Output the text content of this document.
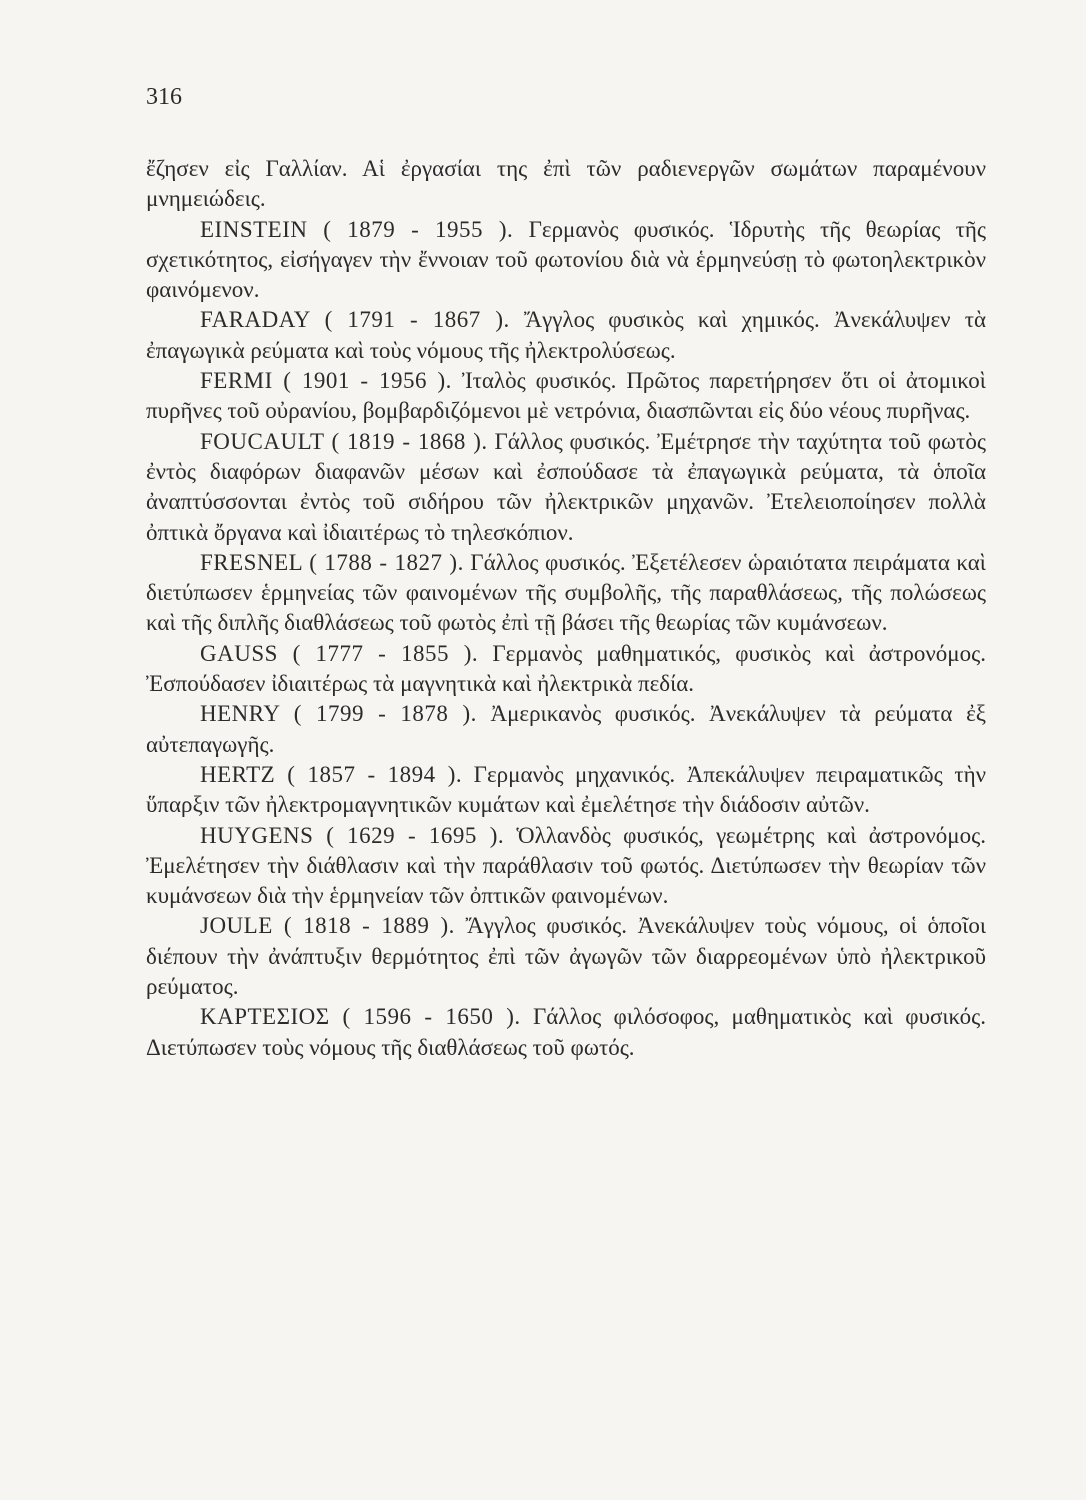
316

ἔζησεν εἰς Γαλλίαν. Αἱ ἐργασίαι της ἐπὶ τῶν ραδιενεργῶν σωμάτων παραμένουν μνημειώδεις.

EINSTEIN ( 1879 - 1955 ). Γερμανὸς φυσικός. Ἱδρυτὴς τῆς θεωρίας τῆς σχετικότητος, εἰσήγαγεν τὴν ἔννοιαν τοῦ φωτονίου διὰ νὰ ἑρμηνεύσῃ τὸ φωτοηλεκτρικὸν φαινόμενον.

FARADAY ( 1791 - 1867 ). Ἄγγλος φυσικὸς καὶ χημικός. Ἀνεκάλυψεν τὰ ἐπαγωγικὰ ρεύματα καὶ τοὺς νόμους τῆς ἠλεκτρολύσεως.

FERMI ( 1901 - 1956 ). Ἰταλὸς φυσικός. Πρῶτος παρετήρησεν ὅτι οἱ ἀτομικοὶ πυρῆνες τοῦ οὐρανίου, βομβαρδιζόμενοι μὲ νετρόνια, διασπῶνται εἰς δύο νέους πυρῆνας.

FOUCAULT ( 1819 - 1868 ). Γάλλος φυσικός. Ἐμέτρησε τὴν ταχύτητα τοῦ φωτὸς ἐντὸς διαφόρων διαφανῶν μέσων καὶ ἐσπούδασε τὰ ἐπαγωγικὰ ρεύματα, τὰ ὁποῖα ἀναπτύσσονται ἐντὸς τοῦ σιδήρου τῶν ἠλεκτρικῶν μηχανῶν. Ἐτελειοποίησεν πολλὰ ὀπτικὰ ὄργανα καὶ ἰδιαιτέρως τὸ τηλεσκόπιον.

FRESNEL ( 1788 - 1827 ). Γάλλος φυσικός. Ἐξετέλεσεν ὡραιότατα πειράματα καὶ διετύπωσεν ἑρμηνείας τῶν φαινομένων τῆς συμβολῆς, τῆς παραθλάσεως, τῆς πολώσεως καὶ τῆς διπλῆς διαθλάσεως τοῦ φωτὸς ἐπὶ τῇ βάσει τῆς θεωρίας τῶν κυμάνσεων.

GAUSS ( 1777 - 1855 ). Γερμανὸς μαθηματικός, φυσικὸς καὶ ἀστρονόμος. Ἐσπούδασεν ἰδιαιτέρως τὰ μαγνητικὰ καὶ ἠλεκτρικὰ πεδία.

HENRY ( 1799 - 1878 ). Ἀμερικανὸς φυσικός. Ἀνεκάλυψεν τὰ ρεύματα ἐξ αὐτεπαγωγῆς.

HERTZ ( 1857 - 1894 ). Γερμανὸς μηχανικός. Ἀπεκάλυψεν πειραματικῶς τὴν ὕπαρξιν τῶν ἠλεκτρομαγνητικῶν κυμάτων καὶ ἐμελέτησε τὴν διάδοσιν αὐτῶν.

HUYGENS ( 1629 - 1695 ). Ὁλλανδὸς φυσικός, γεωμέτρης καὶ ἀστρονόμος. Ἐμελέτησεν τὴν διάθλασιν καὶ τὴν παράθλασιν τοῦ φωτός. Διετύπωσεν τὴν θεωρίαν τῶν κυμάνσεων διὰ τὴν ἑρμηνείαν τῶν ὀπτικῶν φαινομένων.

JOULE ( 1818 - 1889 ). Ἄγγλος φυσικός. Ἀνεκάλυψεν τοὺς νόμους, οἱ ὁποῖοι διέπουν τὴν ἀνάπτυξιν θερμότητος ἐπὶ τῶν ἀγωγῶν τῶν διαρρεομένων ὑπὸ ἠλεκτρικοῦ ρεύματος.

ΚΑΡΤΕΣΙΟΣ ( 1596 - 1650 ). Γάλλος φιλόσοφος, μαθηματικὸς καὶ φυσικός. Διετύπωσεν τοὺς νόμους τῆς διαθλάσεως τοῦ φωτός.
